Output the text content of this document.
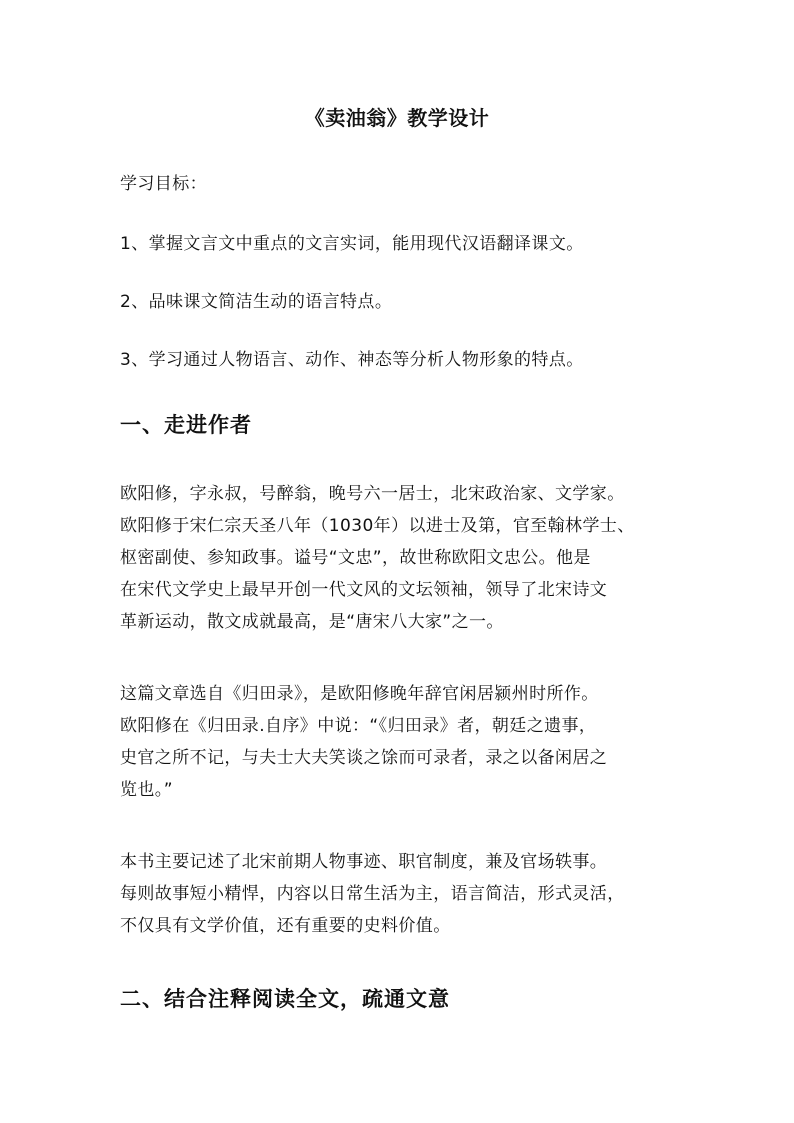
《卖油翁》教学设计
学习目标：
1、掌握文言文中重点的文言实词，能用现代汉语翻译课文。
2、品味课文简洁生动的语言特点。
3、学习通过人物语言、动作、神态等分析人物形象的特点。
一、走进作者
欧阳修，字永叔，号醉翁，晚号六一居士，北宋政治家、文学家。
欧阳修于宋仁宗天圣八年（1030年）以进士及第，官至翰林学士、
枢密副使、参知政事。谥号“文忠”，故世称欧阳文忠公。他是
在宋代文学史上最早开创一代文风的文坛领袖，领导了北宋诗文
革新运动，散文成就最高，是“唐宋八大家”之一。
这篇文章选自《归田录》，是欧阳修晚年辞官闲居颍州时所作。
欧阳修在《归田录.自序》中说：“《归田录》者，朝廷之遗事，
史官之所不记，与夫士大夫笑谈之馀而可录者，录之以备闲居之
览也。”
本书主要记述了北宋前期人物事迹、职官制度，兼及官场轶事。
每则故事短小精悍，内容以日常生活为主，语言简洁，形式灵活，
不仅具有文学价值，还有重要的史料价值。
二、结合注释阅读全文，疏通文意
